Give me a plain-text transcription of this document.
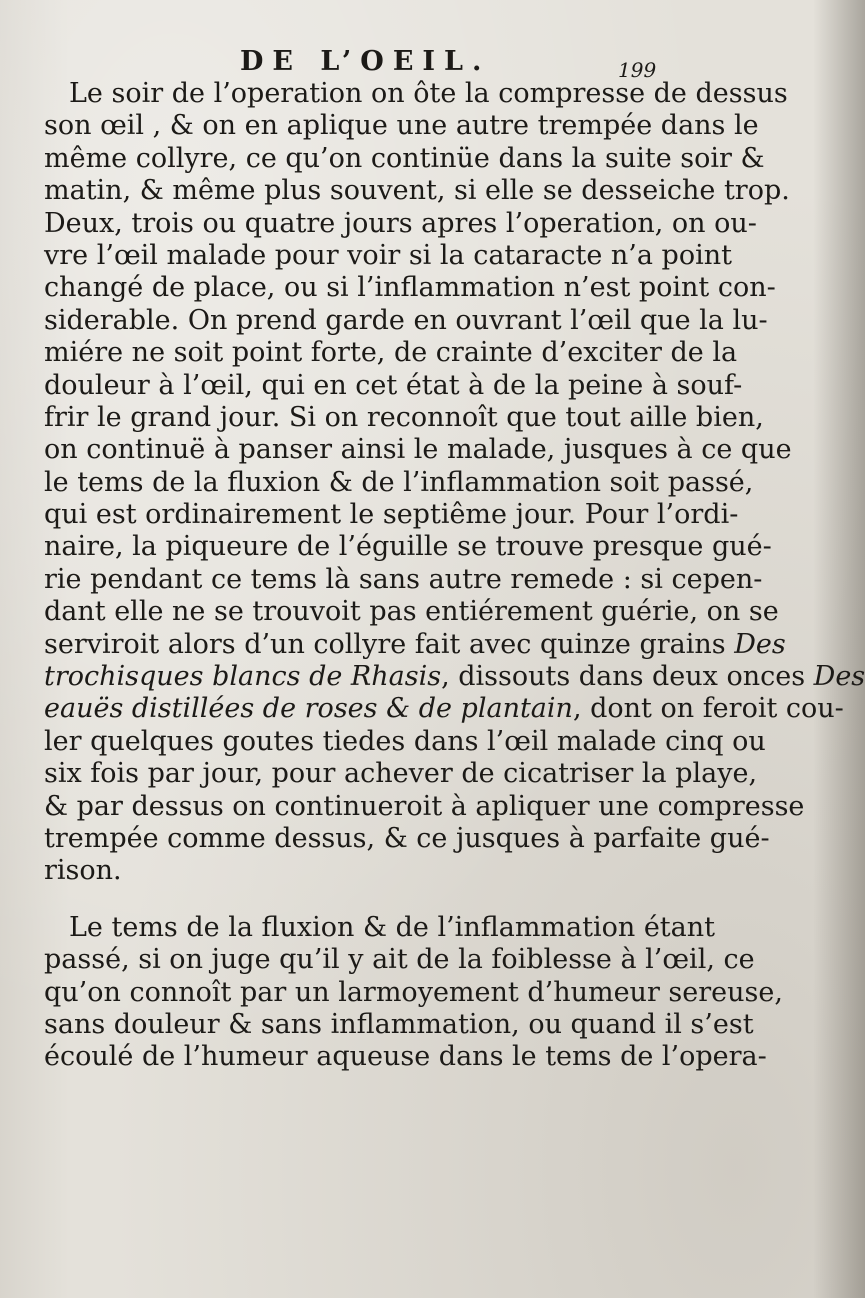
DE L’OEIL.	199
Le soir de l’operation on ôte la compresse de dessus
son œil , & on en aplique une autre trempée dans le
même collyre, ce qu’on continüe dans la suite soir &
matin, & même plus souvent, si elle se desseiche trop.
Deux, trois ou quatre jours apres l’operation, on ou-
vre l’œil malade pour voir si la cataracte n’a point
changé de place, ou si l’inflammation n’est point con-
siderable. On prend garde en ouvrant l’œil que la lu-
miére ne soit point forte, de crainte d’exciter de la
douleur à l’œil, qui en cet état à de la peine à souf-
frir le grand jour. Si on reconnoît que tout aille bien,
on continuë à panser ainsi le malade, jusques à ce que
le tems de la fluxion & de l’inflammation soit passé,
qui est ordinairement le septiême jour. Pour l’ordi-
naire, la piqueure de l’éguille se trouve presque gué-
rie pendant ce tems là sans autre remede : si cepen-
dant elle ne se trouvoit pas entiérement guérie, on se
serviroit alors d’un collyre fait avec quinze grains Des
trochisques blancs de Rhasis, dissouts dans deux onces Des
eauës distillées de roses & de plantain, dont on feroit cou-
ler quelques goutes tiedes dans l’œil malade cinq ou
six fois par jour, pour achever de cicatriser la playe,
& par dessus on continueroit à apliquer une compresse
trempée comme dessus, & ce jusques à parfaite gué-
rison.
Le tems de la fluxion & de l’inflammation étant
passé, si on juge qu’il y ait de la foiblesse à l’œil, ce
qu’on connoît par un larmoyement d’humeur sereuse,
sans douleur & sans inflammation, ou quand il s’est
écoulé de l’humeur aqueuse dans le tems de l’opera-
